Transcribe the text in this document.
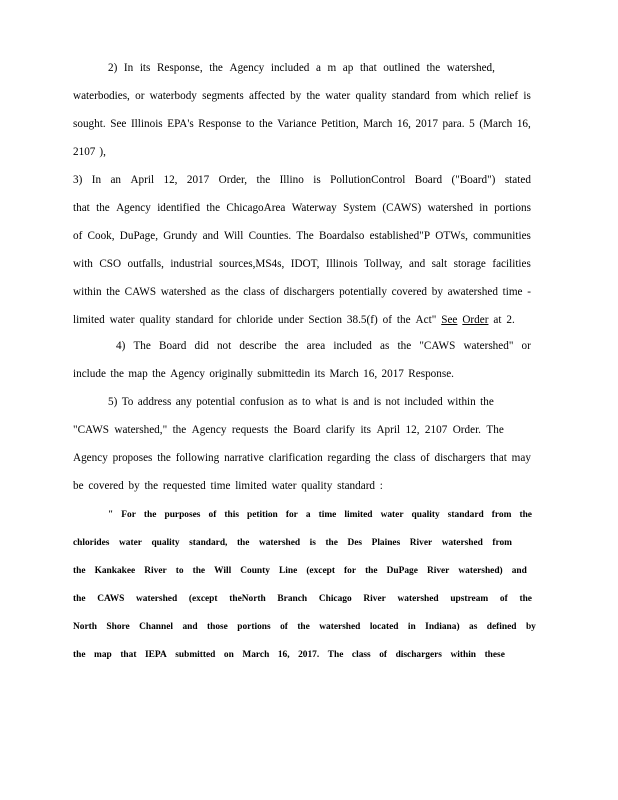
2) In its Response, the Agency included a m ap that outlined the watershed,
waterbodies, or waterbody segments affected by the water quality standard from which relief is
sought. See Illinois EPA's Response to the Variance Petition, March 16, 2017 para. 5 (March 16,
2107 ),
3) In an April 12, 2017 Order, the Illino is PollutionControl Board ("Board") stated
that the Agency identified the ChicagoArea Waterway System (CAWS) watershed in portions
of Cook, DuPage, Grundy and Will Counties. The Boardalso established"P OTWs, communities
with CSO outfalls, industrial sources,MS4s, IDOT, Illinois Tollway, and salt storage facilities
within the CAWS watershed as the class of dischargers potentially covered by awatershed time -
limited water quality standard for chloride under Section 38.5(f) of the Act" See Order at 2.
4) The Board did not describe the area included as the "CAWS watershed" or
include the map the Agency originally submittedin its March 16, 2017 Response.
5) To address any potential confusion as to what is and is not included within the
"CAWS watershed," the Agency requests the Board clarify its April 12, 2107 Order. The
Agency proposes the following narrative clarification regarding the class of dischargers that may
be covered by the requested time limited water quality standard :
" For the purposes of this petition for a time limited water quality standard from the
chlorides water quality standard, the watershed is the Des Plaines River watershed from
the Kankakee River to the Will County Line (except for the DuPage River watershed) and
the CAWS watershed (except theNorth Branch Chicago River watershed upstream of the
North Shore Channel and those portions of the watershed located in Indiana) as defined by
the map that IEPA submitted on March 16, 2017. The class of dischargers within these
